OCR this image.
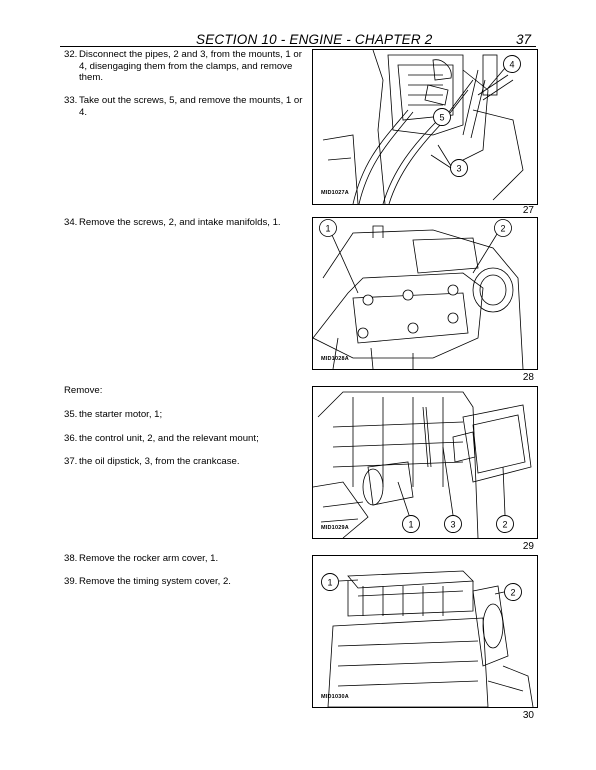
SECTION 10 - ENGINE - CHAPTER 2	37
32. Disconnect the pipes, 2 and 3, from the mounts, 1 or 4, disengaging them from the clamps, and remove them.
33. Take out the screws, 5, and remove the mounts, 1 or 4.
34. Remove the screws, 2, and intake manifolds, 1.
Remove:
35. the starter motor, 1;
36. the control unit, 2, and the relevant mount;
37. the oil dipstick, 3, from the crankcase.
38. Remove the rocker arm cover, 1.
39. Remove the timing system cover, 2.
4
5
3
MID1027A
27
1	2
MID1028A
28
1	3	2
MID1029A
29
1
2
MID1030A
30
